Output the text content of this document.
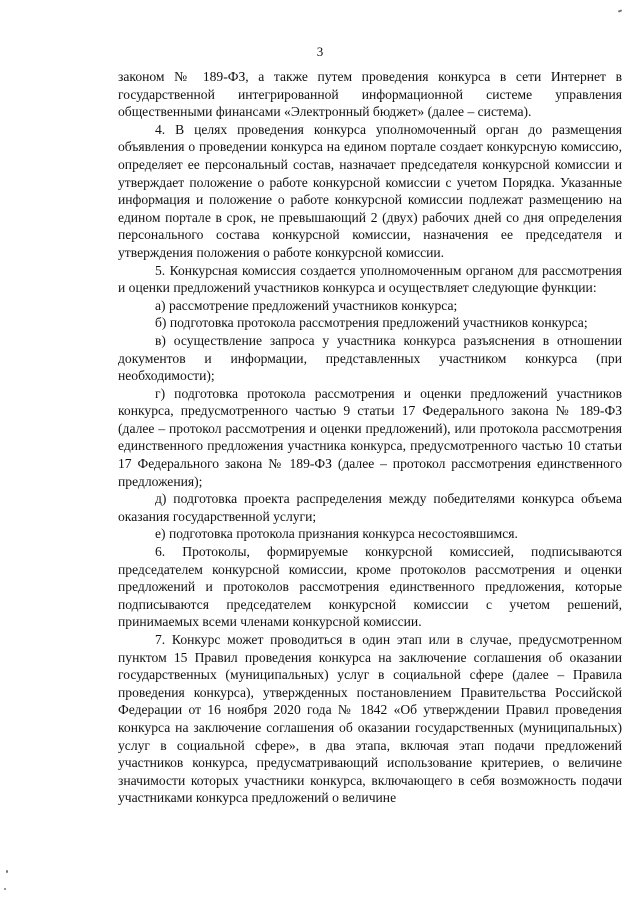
3

законом № 189-ФЗ, а также путем проведения конкурса в сети Интернет в государственной интегрированной информационной системе управления общественными финансами «Электронный бюджет» (далее – система).

4. В целях проведения конкурса уполномоченный орган до размещения объявления о проведении конкурса на едином портале создает конкурсную комиссию, определяет ее персональный состав, назначает председателя конкурсной комиссии и утверждает положение о работе конкурсной комиссии с учетом Порядка. Указанные информация и положение о работе конкурсной комиссии подлежат размещению на едином портале в срок, не превышающий 2 (двух) рабочих дней со дня определения персонального состава конкурсной комиссии, назначения ее председателя и утверждения положения о работе конкурсной комиссии.

5. Конкурсная комиссия создается уполномоченным органом для рассмотрения и оценки предложений участников конкурса и осуществляет следующие функции:

а) рассмотрение предложений участников конкурса;

б) подготовка протокола рассмотрения предложений участников конкурса;

в) осуществление запроса у участника конкурса разъяснения в отношении документов и информации, представленных участником конкурса (при необходимости);

г) подготовка протокола рассмотрения и оценки предложений участников конкурса, предусмотренного частью 9 статьи 17 Федерального закона № 189-ФЗ (далее – протокол рассмотрения и оценки предложений), или протокола рассмотрения единственного предложения участника конкурса, предусмотренного частью 10 статьи 17 Федерального закона № 189-ФЗ (далее – протокол рассмотрения единственного предложения);

д) подготовка проекта распределения между победителями конкурса объема оказания государственной услуги;

е) подготовка протокола признания конкурса несостоявшимся.

6. Протоколы, формируемые конкурсной комиссией, подписываются председателем конкурсной комиссии, кроме протоколов рассмотрения и оценки предложений и протоколов рассмотрения единственного предложения, которые подписываются председателем конкурсной комиссии с учетом решений, принимаемых всеми членами конкурсной комиссии.

7. Конкурс может проводиться в один этап или в случае, предусмотренном пунктом 15 Правил проведения конкурса на заключение соглашения об оказании государственных (муниципальных) услуг в социальной сфере (далее – Правила проведения конкурса), утвержденных постановлением Правительства Российской Федерации от 16 ноября 2020 года № 1842 «Об утверждении Правил проведения конкурса на заключение соглашения об оказании государственных (муниципальных) услуг в социальной сфере», в два этапа, включая этап подачи предложений участников конкурса, предусматривающий использование критериев, о величине значимости которых участники конкурса, включающего в себя возможность подачи участниками конкурса предложений о величине
